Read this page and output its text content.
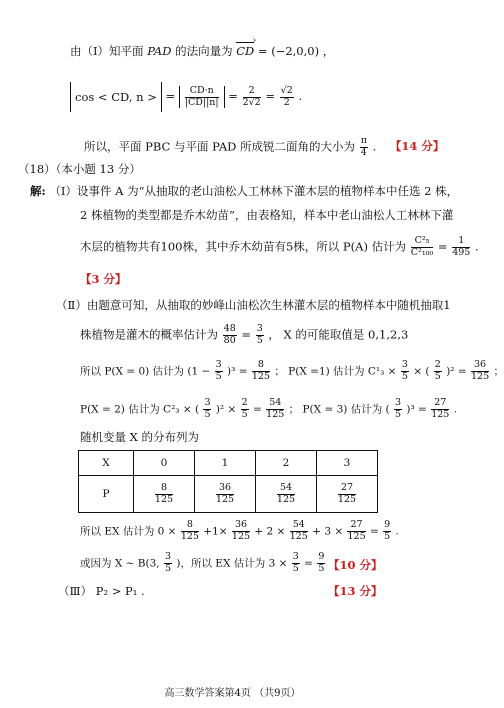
由（Ⅰ）知平面 PAD 的法向量为 CD › = (−2,0,0) ，
cos < CD, n > = $\frac{CD\cdot n}{|CD||n|} = \frac{2}{2√2} = \frac{√2}{2}$ .
所以，平面 PBC 与平面 PAD 所成锐二面角的大小为 $\frac{\pi}{4}$ . 【14 分】
（18）（本小题 13 分）
解: （Ⅰ）设事件 A 为“从抽取的老山油松人工林林下灌木层的植物样本中任选 2 株，
2 株植物的类型都是乔木幼苗”，由表格知，样本中老山油松人工林林下灌
木层的植物共有100株，其中乔木幼苗有5株，所以 P(A) 估计为 $\frac{\text{C²₅}}{\text{C²₁₀₀}} = \frac{1}{495}$ .
【3 分】
（Ⅱ）由题意可知，从抽取的妙峰山油松次生林灌木层的植物样本中随机抽取1
株植物是灌木的概率估计为 $\frac{48}{80} = \frac{3}{5}$ ， X 的可能取值是 0,1,2,3
所以 P(X = 0) 估计为 $(1 - \frac{3}{5} )^3 = \frac{8}{125}$ ； P(X =1) 估计为 $C^1_3 \times \frac{3}{5}$ × ( $\frac{2}{5} )^2 = \frac{36}{125}$ ；
P(X = 2) 估计为 C²₃ × ( $\frac{3}{5} )^2 \times \frac{2}{5} = \frac{54}{125}$ ； P(X = 3) 估计为 ( $\frac{3}{5} )^3 = \frac{27}{125}$ .
随机变量 X 的分布列为
X	0	1	2	3
P	$\frac{8}{125}$	$\frac{36}{125}$	$\frac{54}{125}$	$\frac{27}{125}$
所以 EX 估计为 $0 \times \frac{8}{125} +1\times \frac{36}{125} + 2 \times \frac{54}{125} + 3 \times \frac{27}{125} = \frac{9}{5}$ .
或因为 X ~ B(3, $\frac{3}{5}$ )，所以 EX 估计为 $3 \times \frac{3}{5} = \frac{9}{5}$ 【10 分】
（Ⅲ） P₂ > P₁ .	【13 分】
高三数学答案第4页 （共9页）
